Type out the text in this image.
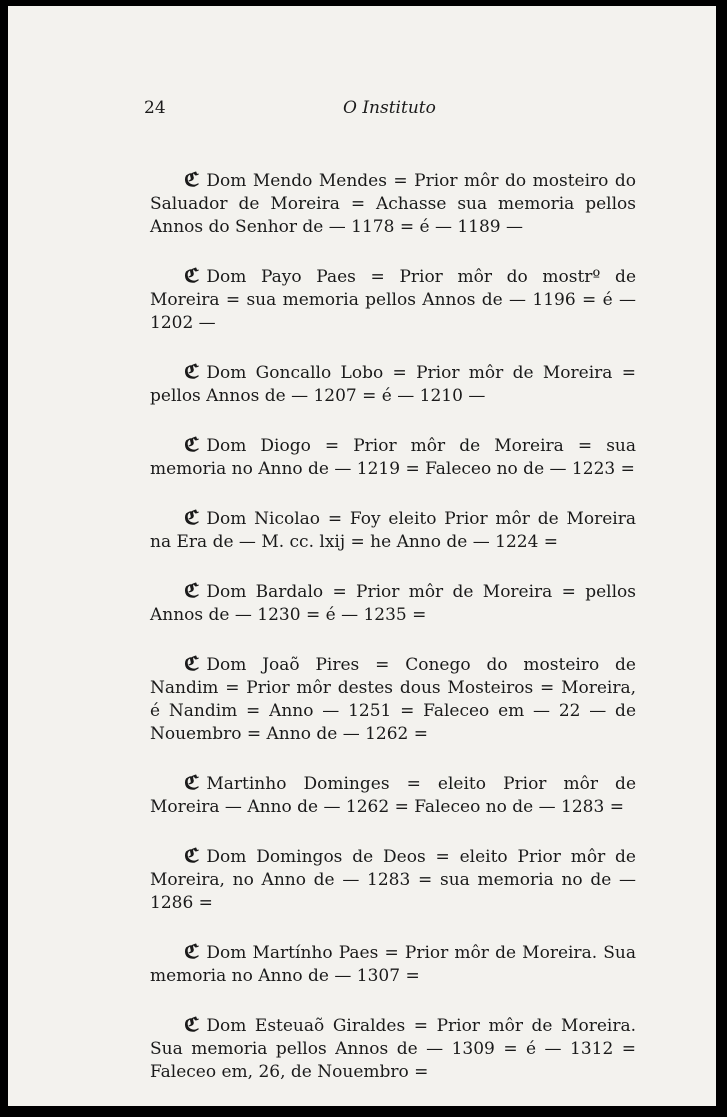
24	O Instituto

ℭ Dom Mendo Mendes = Prior môr do mosteiro do Saluador de Moreira = Achasse sua memoria pellos Annos do Senhor de — 1178 = é — 1189 —

ℭ Dom Payo Paes = Prior môr do mostrº de Moreira = sua memoria pellos Annos de — 1196 = é — 1202 —

ℭ Dom Goncallo Lobo = Prior môr de Moreira = pellos Annos de — 1207 = é — 1210 —

ℭ Dom Diogo = Prior môr de Moreira = sua memoria no Anno de — 1219 = Faleceo no de — 1223 =

ℭ Dom Nicolao = Foy eleito Prior môr de Moreira na Era de — M. cc. lxij = he Anno de — 1224 =

ℭ Dom Bardalo = Prior môr de Moreira = pellos Annos de — 1230 = é — 1235 =

ℭ Dom Joaõ Pires = Conego do mosteiro de Nandim = Prior môr destes dous Mosteiros = Moreira, é Nandim = Anno — 1251 = Faleceo em — 22 — de Nouembro = Anno de — 1262 =

ℭ Martinho Dominges = eleito Prior môr de Moreira — Anno de — 1262 = Faleceo no de — 1283 =

ℭ Dom Domingos de Deos = eleito Prior môr de Moreira, no Anno de — 1283 = sua memoria no de — 1286 =

ℭ Dom Martínho Paes = Prior môr de Moreira. Sua memoria no Anno de — 1307 =

ℭ Dom Esteuaõ Giraldes = Prior môr de Moreira. Sua memoria pellos Annos de — 1309 = é — 1312 = Faleceo em, 26, de Nouembro =
